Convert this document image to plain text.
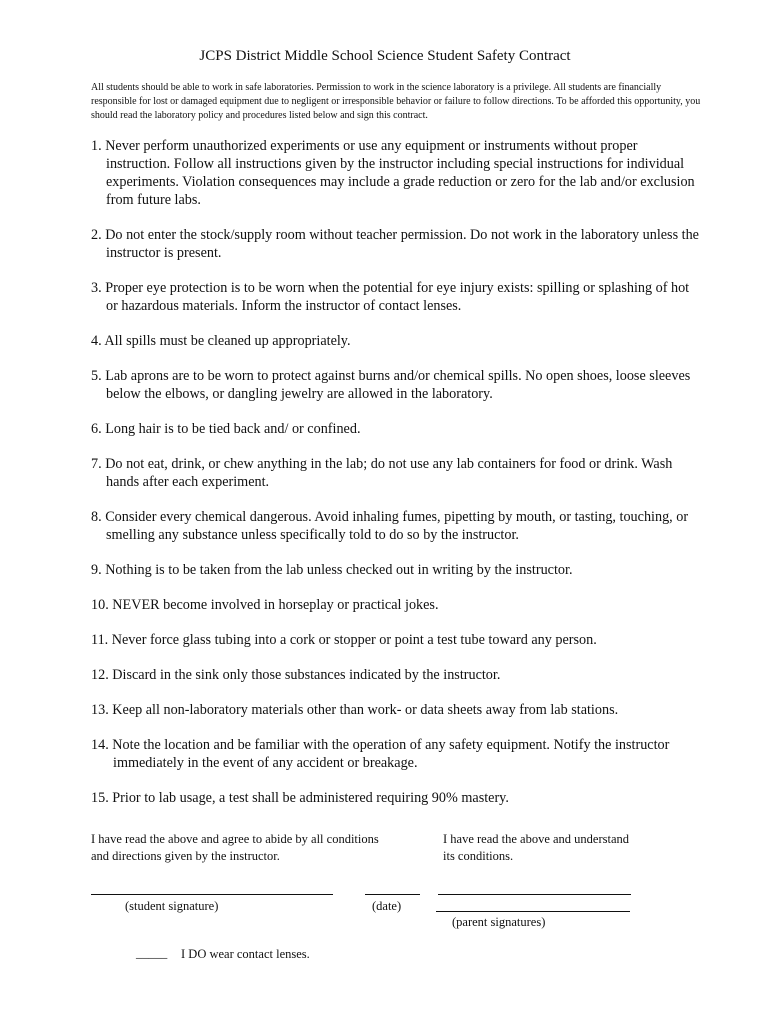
JCPS District Middle School Science Student Safety Contract
All students should be able to work in safe laboratories. Permission to work in the science laboratory is a privilege. All students are financially responsible for lost or damaged equipment due to negligent or irresponsible behavior or failure to follow directions. To be afforded this opportunity, you should read the laboratory policy and procedures listed below and sign this contract.
1. Never perform unauthorized experiments or use any equipment or instruments without proper instruction. Follow all instructions given by the instructor including special instructions for individual experiments. Violation consequences may include a grade reduction or zero for the lab and/or exclusion from future labs.
2. Do not enter the stock/supply room without teacher permission. Do not work in the laboratory unless the instructor is present.
3. Proper eye protection is to be worn when the potential for eye injury exists: spilling or splashing of hot or hazardous materials. Inform the instructor of contact lenses.
4. All spills must be cleaned up appropriately.
5. Lab aprons are to be worn to protect against burns and/or chemical spills. No open shoes, loose sleeves below the elbows, or dangling jewelry are allowed in the laboratory.
6. Long hair is to be tied back and/ or confined.
7. Do not eat, drink, or chew anything in the lab; do not use any lab containers for food or drink. Wash hands after each experiment.
8. Consider every chemical dangerous. Avoid inhaling fumes, pipetting by mouth, or tasting, touching, or smelling any substance unless specifically told to do so by the instructor.
9. Nothing is to be taken from the lab unless checked out in writing by the instructor.
10. NEVER become involved in horseplay or practical jokes.
11. Never force glass tubing into a cork or stopper or point a test tube toward any person.
12. Discard in the sink only those substances indicated by the instructor.
13. Keep all non-laboratory materials other than work- or data sheets away from lab stations.
14. Note the location and be familiar with the operation of any safety equipment. Notify the instructor immediately in the event of any accident or breakage.
15. Prior to lab usage, a test shall be administered requiring 90% mastery.
I have read the above and agree to abide by all conditions and directions given by the instructor.
I have read the above and understand its conditions.
(student signature)	(date)
(parent signatures)
_____ I DO wear contact lenses.
